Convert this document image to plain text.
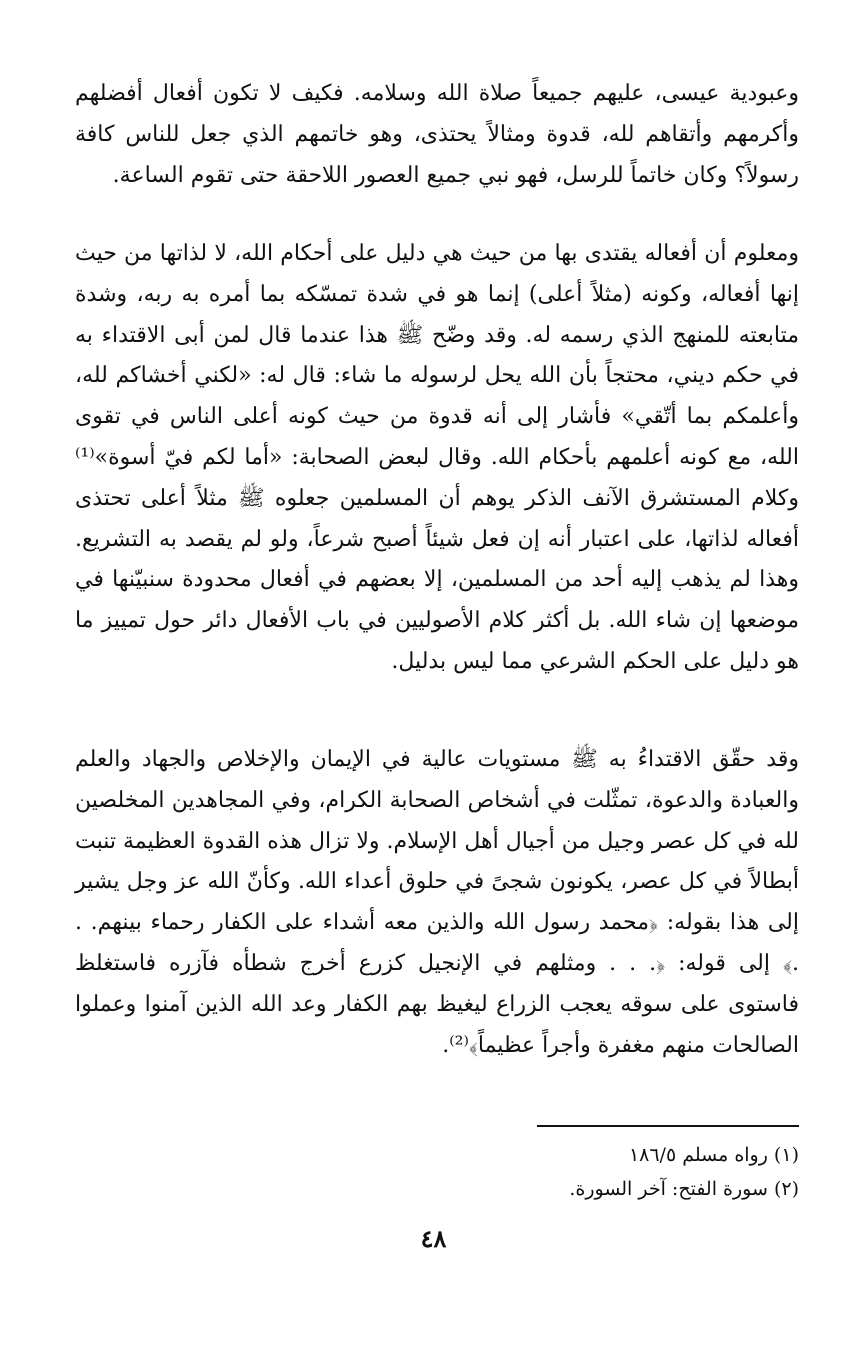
وعبودية عيسى، عليهم جميعاً صلاة الله وسلامه. فكيف لا تكون أفعال أفضلهم وأكرمهم وأتقاهم لله، قدوة ومثالاً يحتذى، وهو خاتمهم الذي جعل للناس كافة رسولاً؟ وكان خاتماً للرسل، فهو نبي جميع العصور اللاحقة حتى تقوم الساعة.

ومعلوم أن أفعاله يقتدى بها من حيث هي دليل على أحكام الله، لا لذاتها من حيث إنها أفعاله، وكونه (مثلاً أعلى) إنما هو في شدة تمسّكه بما أمره به ربه، وشدة متابعته للمنهج الذي رسمه له. وقد وضّح ﷺ هذا عندما قال لمن أبى الاقتداء به في حكم ديني، محتجاً بأن الله يحل لرسوله ما شاء: قال له: «لكني أخشاكم لله، وأعلمكم بما أتّقي» فأشار إلى أنه قدوة من حيث كونه أعلى الناس في تقوى الله، مع كونه أعلمهم بأحكام الله. وقال لبعض الصحابة: «أما لكم فيّ أسوة»⁽¹⁾ وكلام المستشرق الآنف الذكر يوهم أن المسلمين جعلوه ﷺ مثلاً أعلى تحتذى أفعاله لذاتها، على اعتبار أنه إن فعل شيئاً أصبح شرعاً، ولو لم يقصد به التشريع. وهذا لم يذهب إليه أحد من المسلمين، إلا بعضهم في أفعال محدودة سنبيّنها في موضعها إن شاء الله. بل أكثر كلام الأصوليين في باب الأفعال دائر حول تمييز ما هو دليل على الحكم الشرعي مما ليس بدليل.

وقد حقّق الاقتداءُ به ﷺ مستويات عالية في الإيمان والإخلاص والجهاد والعلم والعبادة والدعوة، تمثّلت في أشخاص الصحابة الكرام، وفي المجاهدين المخلصين لله في كل عصر وجيل من أجيال أهل الإسلام. ولا تزال هذه القدوة العظيمة تنبت أبطالاً في كل عصر، يكونون شجىً في حلوق أعداء الله. وكأنّ الله عز وجل يشير إلى هذا بقوله: ﴿محمد رسول الله والذين معه أشداء على الكفار رحماء بينهم. . .﴾ إلى قوله: ﴿. . . ومثلهم في الإنجيل كزرع أخرج شطأه فآزره فاستغلظ فاستوى على سوقه يعجب الزراع ليغيظ بهم الكفار وعد الله الذين آمنوا وعملوا الصالحات منهم مغفرة وأجراً عظيماً﴾⁽²⁾.

(١) رواه مسلم ١٨٦/٥

(٢) سورة الفتح: آخر السورة.

٤٨
